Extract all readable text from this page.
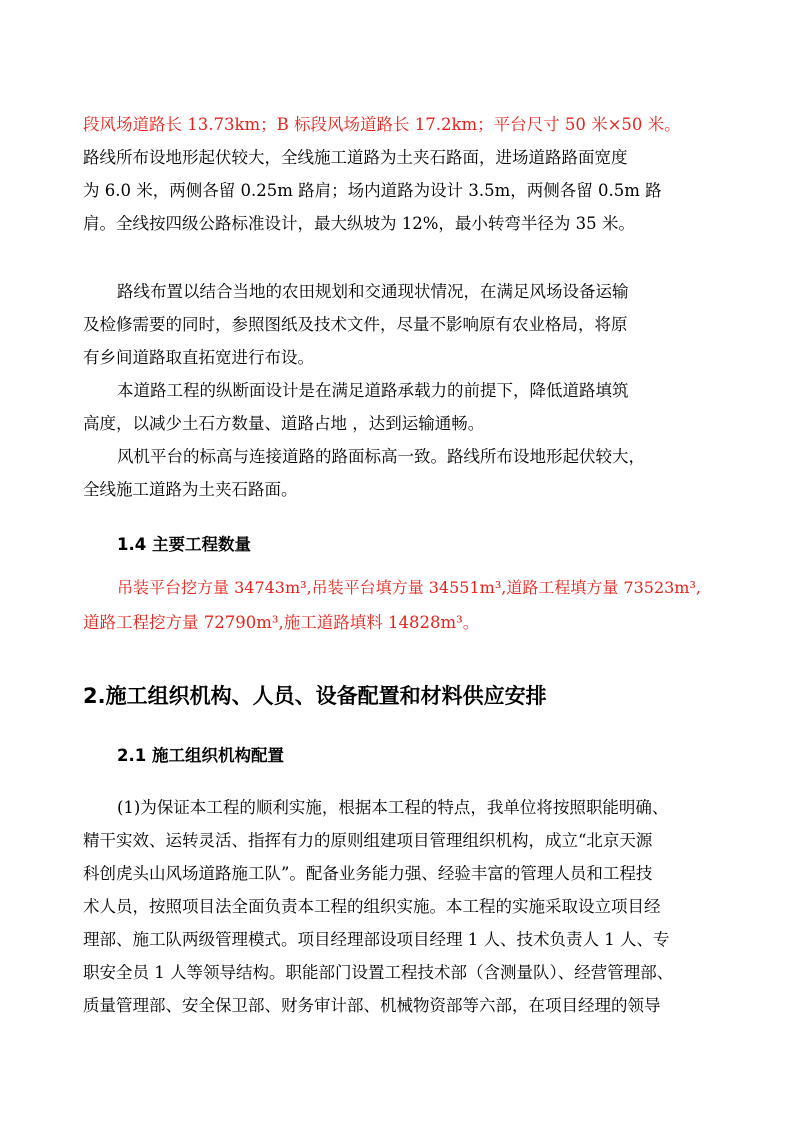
段风场道路长 13.73km；B 标段风场道路长 17.2km；平台尺寸 50 米×50 米。
路线所布设地形起伏较大，全线施工道路为土夹石路面，进场道路路面宽度
为 6.0 米，两侧各留 0.25m 路肩；场内道路为设计 3.5m，两侧各留 0.5m 路
肩。全线按四级公路标准设计，最大纵坡为 12%，最小转弯半径为 35 米。
路线布置以结合当地的农田规划和交通现状情况，在满足风场设备运输
及检修需要的同时，参照图纸及技术文件，尽量不影响原有农业格局，将原
有乡间道路取直拓宽进行布设。
本道路工程的纵断面设计是在满足道路承载力的前提下，降低道路填筑
高度，以减少土石方数量、道路占地 ，达到运输通畅。
风机平台的标高与连接道路的路面标高一致。路线所布设地形起伏较大，
全线施工道路为土夹石路面。
1.4 主要工程数量
吊装平台挖方量 34743m³,吊装平台填方量 34551m³,道路工程填方量 73523m³,
道路工程挖方量 72790m³,施工道路填料 14828m³。
2.施工组织机构、人员、设备配置和材料供应安排
2.1 施工组织机构配置
(1)为保证本工程的顺利实施，根据本工程的特点，我单位将按照职能明确、
精干实效、运转灵活、指挥有力的原则组建项目管理组织机构，成立“北京天源
科创虎头山风场道路施工队”。配备业务能力强、经验丰富的管理人员和工程技
术人员，按照项目法全面负责本工程的组织实施。本工程的实施采取设立项目经
理部、施工队两级管理模式。项目经理部设项目经理 1 人、技术负责人 1 人、专
职安全员 1 人等领导结构。职能部门设置工程技术部（含测量队）、经营管理部、
质量管理部、安全保卫部、财务审计部、机械物资部等六部，在项目经理的领导
